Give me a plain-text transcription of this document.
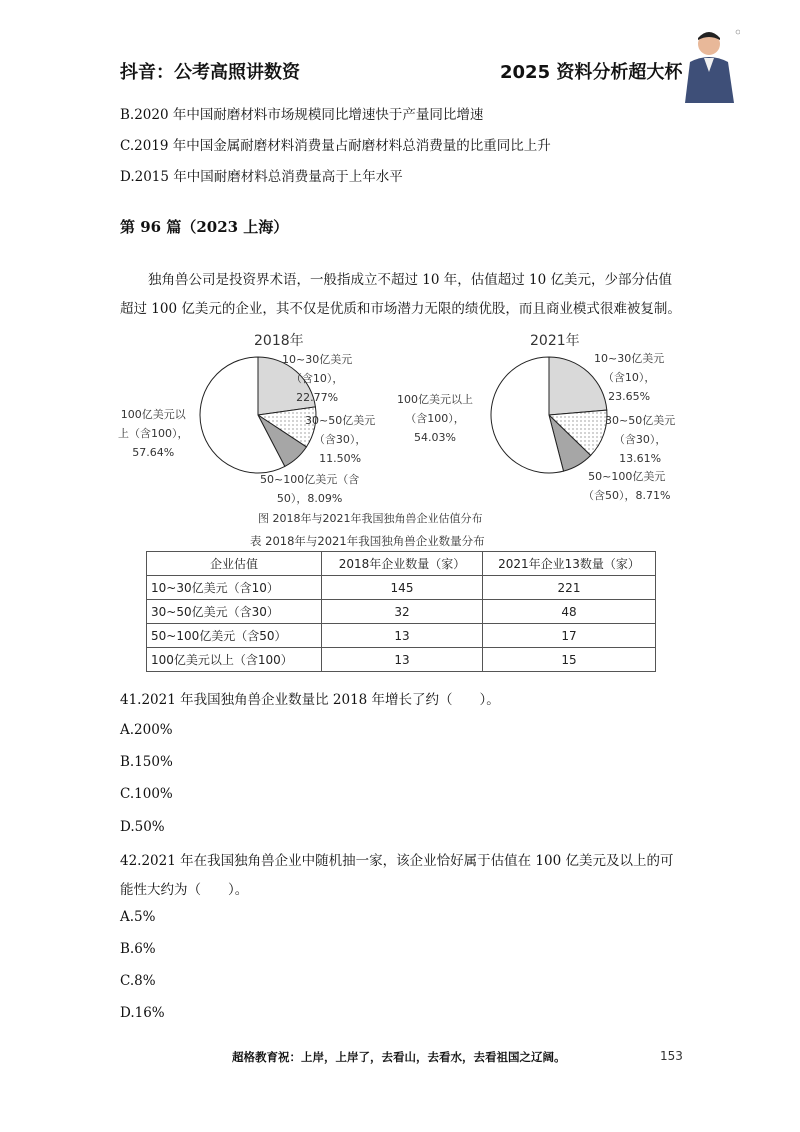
抖音：公考高照讲数资	2025 资料分析超大杯
B.2020 年中国耐磨材料市场规模同比增速快于产量同比增速
C.2019 年中国金属耐磨材料消费量占耐磨材料总消费量的比重同比上升
D.2015 年中国耐磨材料总消费量高于上年水平
第 96 篇（2023 上海）
独角兽公司是投资界术语，一般指成立不超过 10 年，估值超过 10 亿美元，少部分估值
超过 100 亿美元的企业，其不仅是优质和市场潜力无限的绩优股，而且商业模式很难被复制。
2018年	2021年
10~30亿美元
（含10），
22.77%
30~50亿美元
（含30），
11.50%
50~100亿美元（含
50），8.09%
100亿美元以
上（含100），
57.64%
10~30亿美元
（含10），
23.65%
30~50亿美元
（含30），
13.61%
50~100亿美元
（含50），8.71%
100亿美元以上
（含100），
54.03%
图 2018年与2021年我国独角兽企业估值分布
表 2018年与2021年我国独角兽企业数量分布
企业估值	2018年企业数量（家）	2021年企业13数量（家）
10~30亿美元（含10）	145	221
30~50亿美元（含30）	32	48
50~100亿美元（含50）	13	17
100亿美元以上（含100）	13	15
41.2021 年我国独角兽企业数量比 2018 年增长了约（　　）。
A.200%
B.150%
C.100%
D.50%
42.2021 年在我国独角兽企业中随机抽一家，该企业恰好属于估值在 100 亿美元及以上的可
能性大约为（　　）。
A.5%
B.6%
C.8%
D.16%
超格教育祝：上岸，上岸了，去看山，去看水，去看祖国之辽阔。	153
